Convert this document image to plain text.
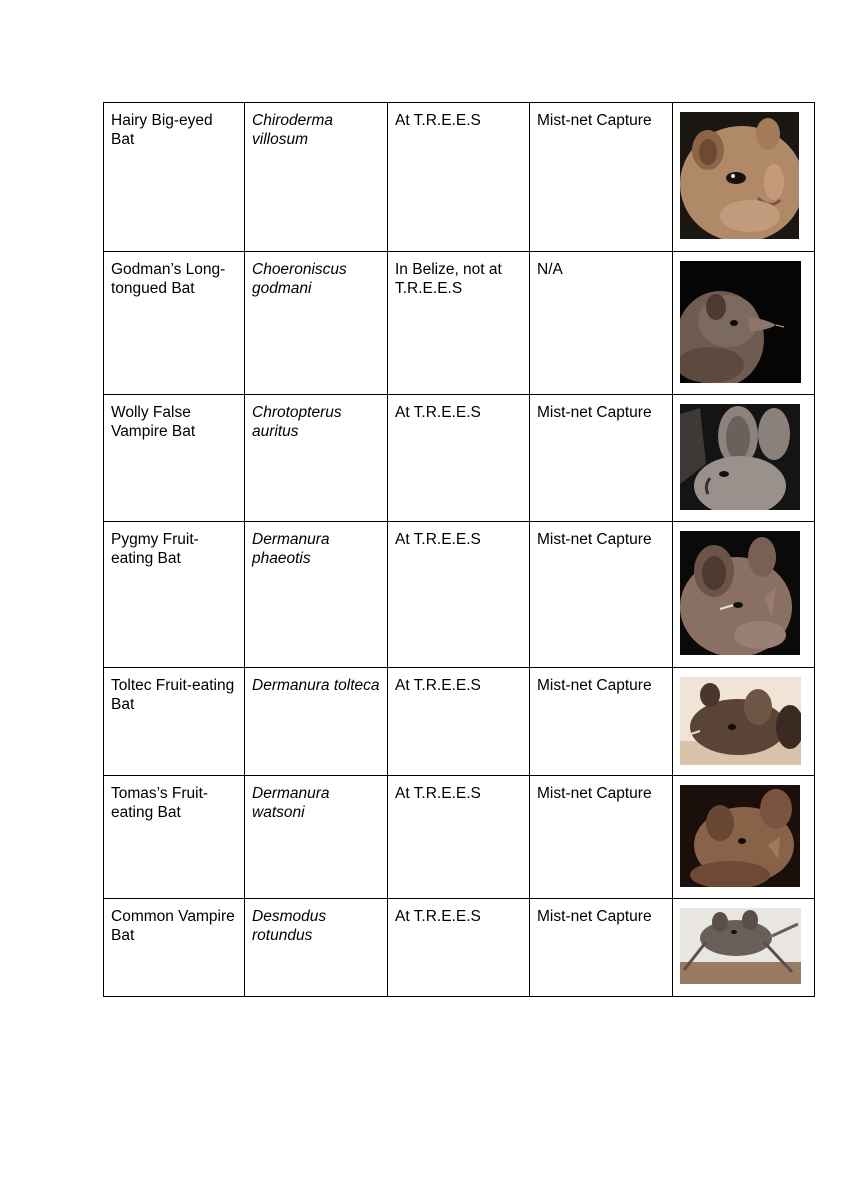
Hairy Big-eyed Bat	Chiroderma villosum	At T.R.E.E.S	Mist-net Capture	

Godman’s Long-tongued Bat	Choeroniscus godmani	In Belize, not at T.R.E.E.S	N/A	

Wolly False Vampire Bat	Chrotopterus auritus	At T.R.E.E.S	Mist-net Capture	

Pygmy Fruit-eating Bat	Dermanura phaeotis	At T.R.E.E.S	Mist-net Capture	

Toltec Fruit-eating Bat	Dermanura tolteca	At T.R.E.E.S	Mist-net Capture	

Tomas’s Fruit-eating Bat	Dermanura watsoni	At T.R.E.E.S	Mist-net Capture	

Common Vampire Bat	Desmodus rotundus	At T.R.E.E.S	Mist-net Capture	
